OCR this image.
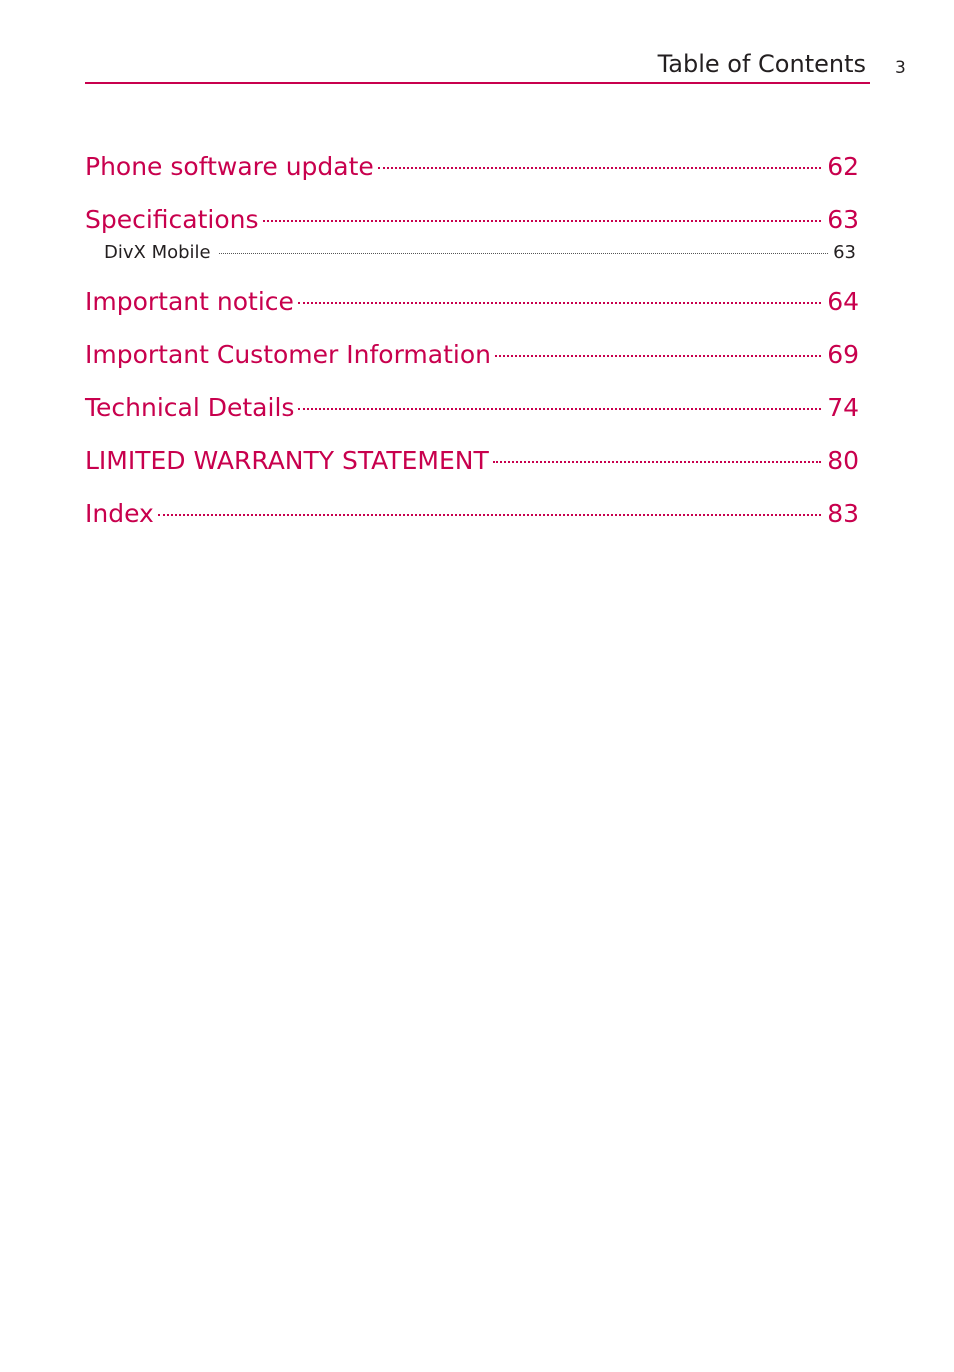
Table of Contents 3
Phone software update	62
Specifications	63
DivX Mobile	63
Important notice	64
Important Customer Information	69
Technical Details	74
LIMITED WARRANTY STATEMENT	80
Index	83
